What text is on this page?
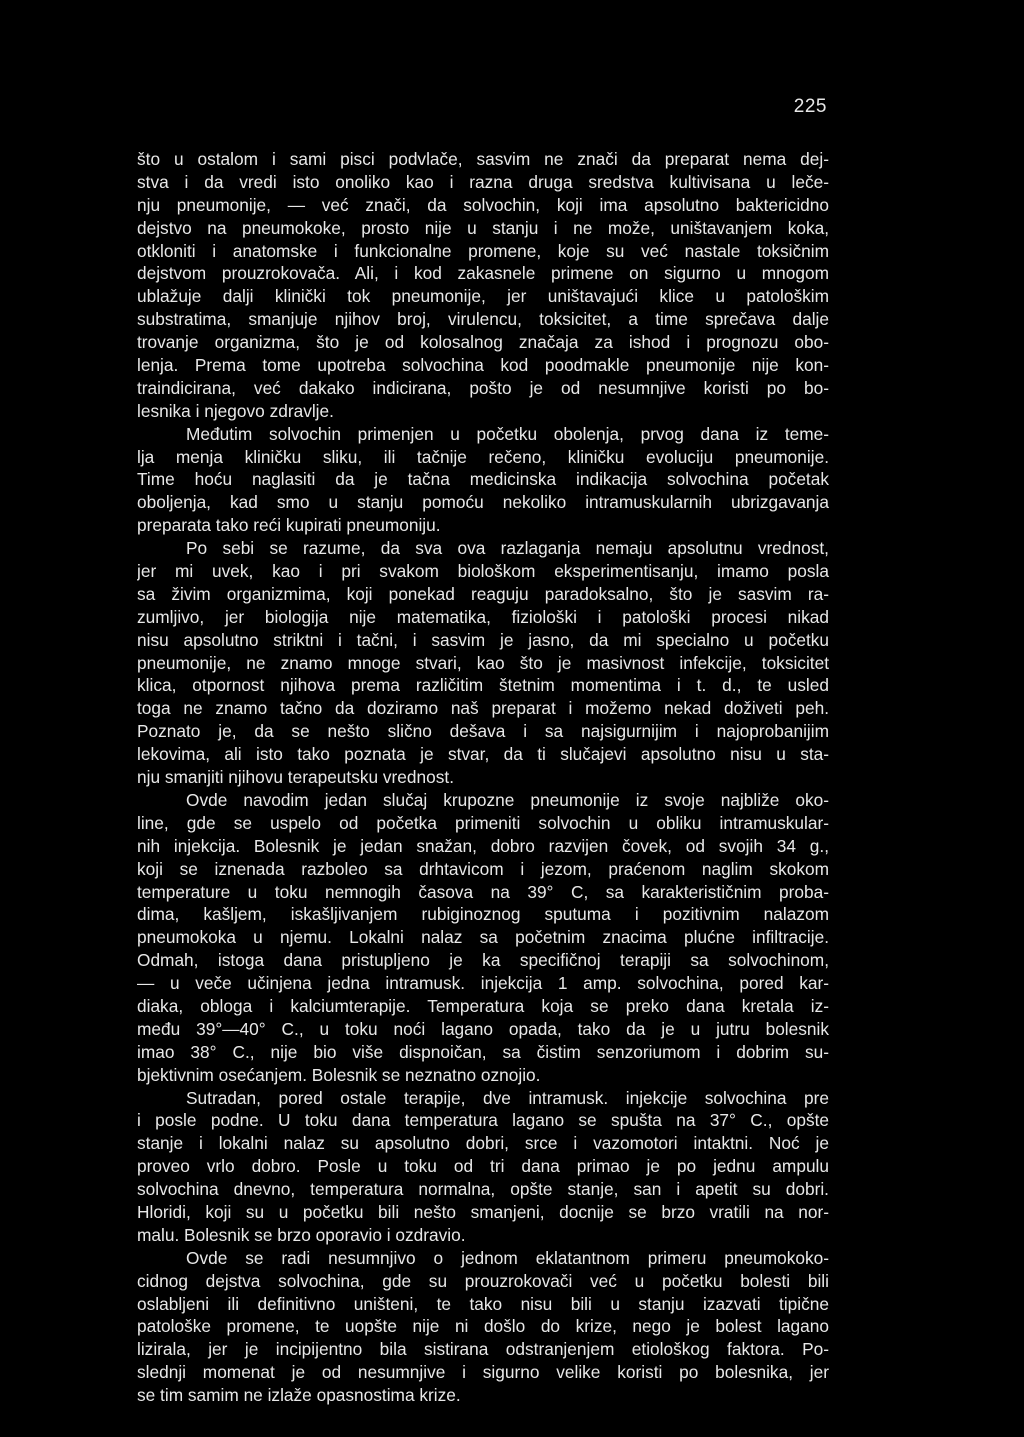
225
što u ostalom i sami pisci podvlače, sasvim ne znači da preparat nema dej-
stva i da vredi isto onoliko kao i razna druga sredstva kultivisana u leče-
nju pneumonije, — već znači, da solvochin, koji ima apsolutno baktericidno
dejstvo na pneumokoke, prosto nije u stanju i ne može, uništavanjem koka,
otkloniti i anatomske i funkcionalne promene, koje su već nastale toksičnim
dejstvom prouzrokovača. Ali, i kod zakasnele primene on sigurno u mnogom
ublažuje dalji klinički tok pneumonije, jer uništavajući klice u patološkim
substratima, smanjuje njihov broj, virulencu, toksicitet, a time sprečava dalje
trovanje organizma, što je od kolosalnog značaja za ishod i prognozu obo-
lenja. Prema tome upotreba solvochina kod poodmakle pneumonije nije kon-
traindicirana, već dakako indicirana, pošto je od nesumnjive koristi po bo-
lesnika i njegovo zdravlje.
Međutim solvochin primenjen u početku obolenja, prvog dana iz teme-
lja menja kliničku sliku, ili tačnije rečeno, kliničku evoluciju pneumonije.
Time hoću naglasiti da je tačna medicinska indikacija solvochina početak
oboljenja, kad smo u stanju pomoću nekoliko intramuskularnih ubrizgavanja
preparata tako reći kupirati pneumoniju.
Po sebi se razume, da sva ova razlaganja nemaju apsolutnu vrednost,
jer mi uvek, kao i pri svakom biološkom eksperimentisanju, imamo posla
sa živim organizmima, koji ponekad reaguju paradoksalno, što je sasvim ra-
zumljivo, jer biologija nije matematika, fiziološki i patološki procesi nikad
nisu apsolutno striktni i tačni, i sasvim je jasno, da mi specialno u početku
pneumonije, ne znamo mnoge stvari, kao što je masivnost infekcije, toksicitet
klica, otpornost njihova prema različitim štetnim momentima i t. d., te usled
toga ne znamo tačno da doziramo naš preparat i možemo nekad doživeti peh.
Poznato je, da se nešto slično dešava i sa najsigurnijim i najoprobanijim
lekovima, ali isto tako poznata je stvar, da ti slučajevi apsolutno nisu u sta-
nju smanjiti njihovu terapeutsku vrednost.
Ovde navodim jedan slučaj krupozne pneumonije iz svoje najbliže oko-
line, gde se uspelo od početka primeniti solvochin u obliku intramuskular-
nih injekcija. Bolesnik je jedan snažan, dobro razvijen čovek, od svojih 34 g.,
koji se iznenada razboleo sa drhtavicom i jezom, praćenom naglim skokom
temperature u toku nemnogih časova na 39° C, sa karakterističnim proba-
dima, kašljem, iskašljivanjem rubiginoznog sputuma i pozitivnim nalazom
pneumokoka u njemu. Lokalni nalaz sa početnim znacima plućne infiltracije.
Odmah, istoga dana pristupljeno je ka specifičnoj terapiji sa solvochinom,
— u veče učinjena jedna intramusk. injekcija 1 amp. solvochina, pored kar-
diaka, obloga i kalciumterapije. Temperatura koja se preko dana kretala iz-
među 39°—40° C., u toku noći lagano opada, tako da je u jutru bolesnik
imao 38° C., nije bio više dispnoičan, sa čistim senzoriumom i dobrim su-
bjektivnim osećanjem. Bolesnik se neznatno oznojio.
Sutradan, pored ostale terapije, dve intramusk. injekcije solvochina pre
i posle podne. U toku dana temperatura lagano se spušta na 37° C., opšte
stanje i lokalni nalaz su apsolutno dobri, srce i vazomotori intaktni. Noć je
proveo vrlo dobro. Posle u toku od tri dana primao je po jednu ampulu
solvochina dnevno, temperatura normalna, opšte stanje, san i apetit su dobri.
Hloridi, koji su u početku bili nešto smanjeni, docnije se brzo vratili na nor-
malu. Bolesnik se brzo oporavio i ozdravio.
Ovde se radi nesumnjivo o jednom eklatantnom primeru pneumokoko-
cidnog dejstva solvochina, gde su prouzrokovači već u početku bolesti bili
oslabljeni ili definitivno uništeni, te tako nisu bili u stanju izazvati tipične
patološke promene, te uopšte nije ni došlo do krize, nego je bolest lagano
lizirala, jer je incipijentno bila sistirana odstranjenjem etiološkog faktora. Po-
slednji momenat je od nesumnjive i sigurno velike koristi po bolesnika, jer
se tim samim ne izlaže opasnostima krize.
